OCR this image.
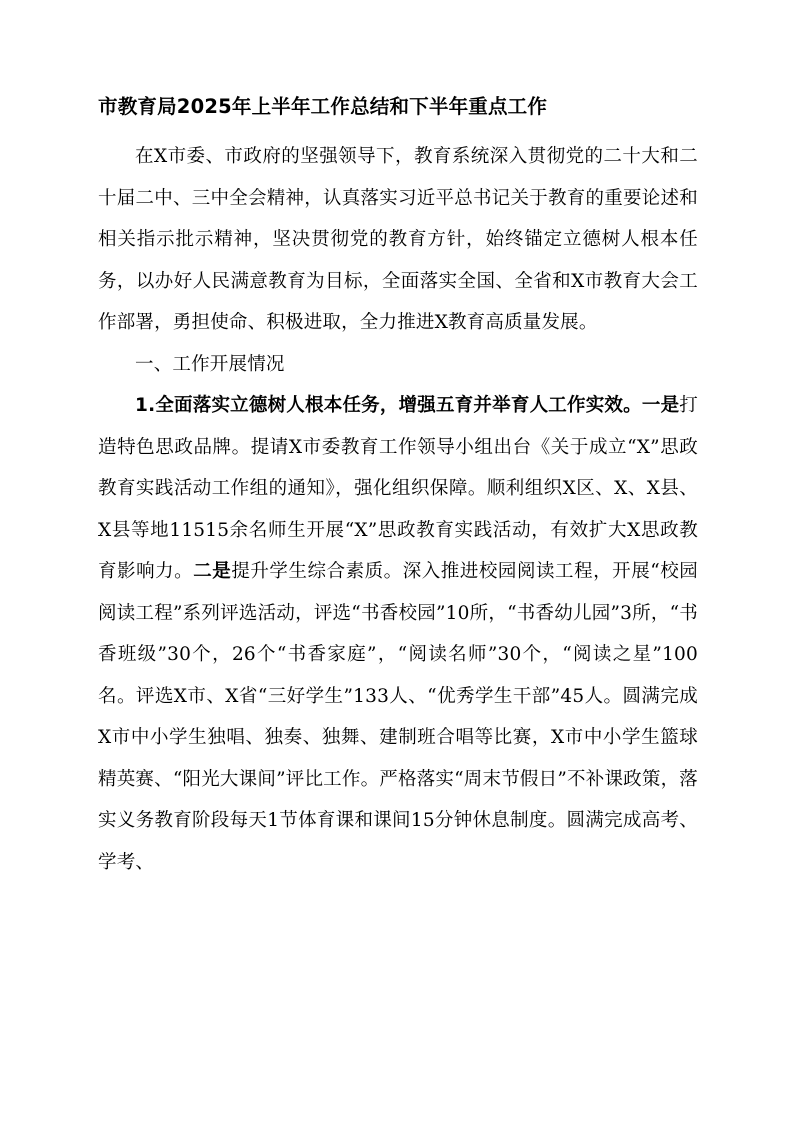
市教育局2025年上半年工作总结和下半年重点工作

在X市委、市政府的坚强领导下，教育系统深入贯彻党的二十大和二十届二中、三中全会精神，认真落实习近平总书记关于教育的重要论述和相关指示批示精神，坚决贯彻党的教育方针，始终锚定立德树人根本任务，以办好人民满意教育为目标，全面落实全国、全省和X市教育大会工作部署，勇担使命、积极进取，全力推进X教育高质量发展。

一、工作开展情况

1.全面落实立德树人根本任务，增强五育并举育人工作实效。一是打造特色思政品牌。提请X市委教育工作领导小组出台《关于成立“X”思政教育实践活动工作组的通知》，强化组织保障。顺利组织X区、X、X县、X县等地11515余名师生开展“X”思政教育实践活动，有效扩大X思政教育影响力。二是提升学生综合素质。深入推进校园阅读工程，开展“校园阅读工程”系列评选活动，评选“书香校园”10所，“书香幼儿园”3所，“书香班级”30个，26个“书香家庭”，“阅读名师”30个，“阅读之星”100名。评选X市、X省“三好学生”133人、“优秀学生干部”45人。圆满完成X市中小学生独唱、独奏、独舞、建制班合唱等比赛，X市中小学生篮球精英赛、“阳光大课间”评比工作。严格落实“周末节假日”不补课政策，落实义务教育阶段每天1节体育课和课间15分钟休息制度。圆满完成高考、学考、
